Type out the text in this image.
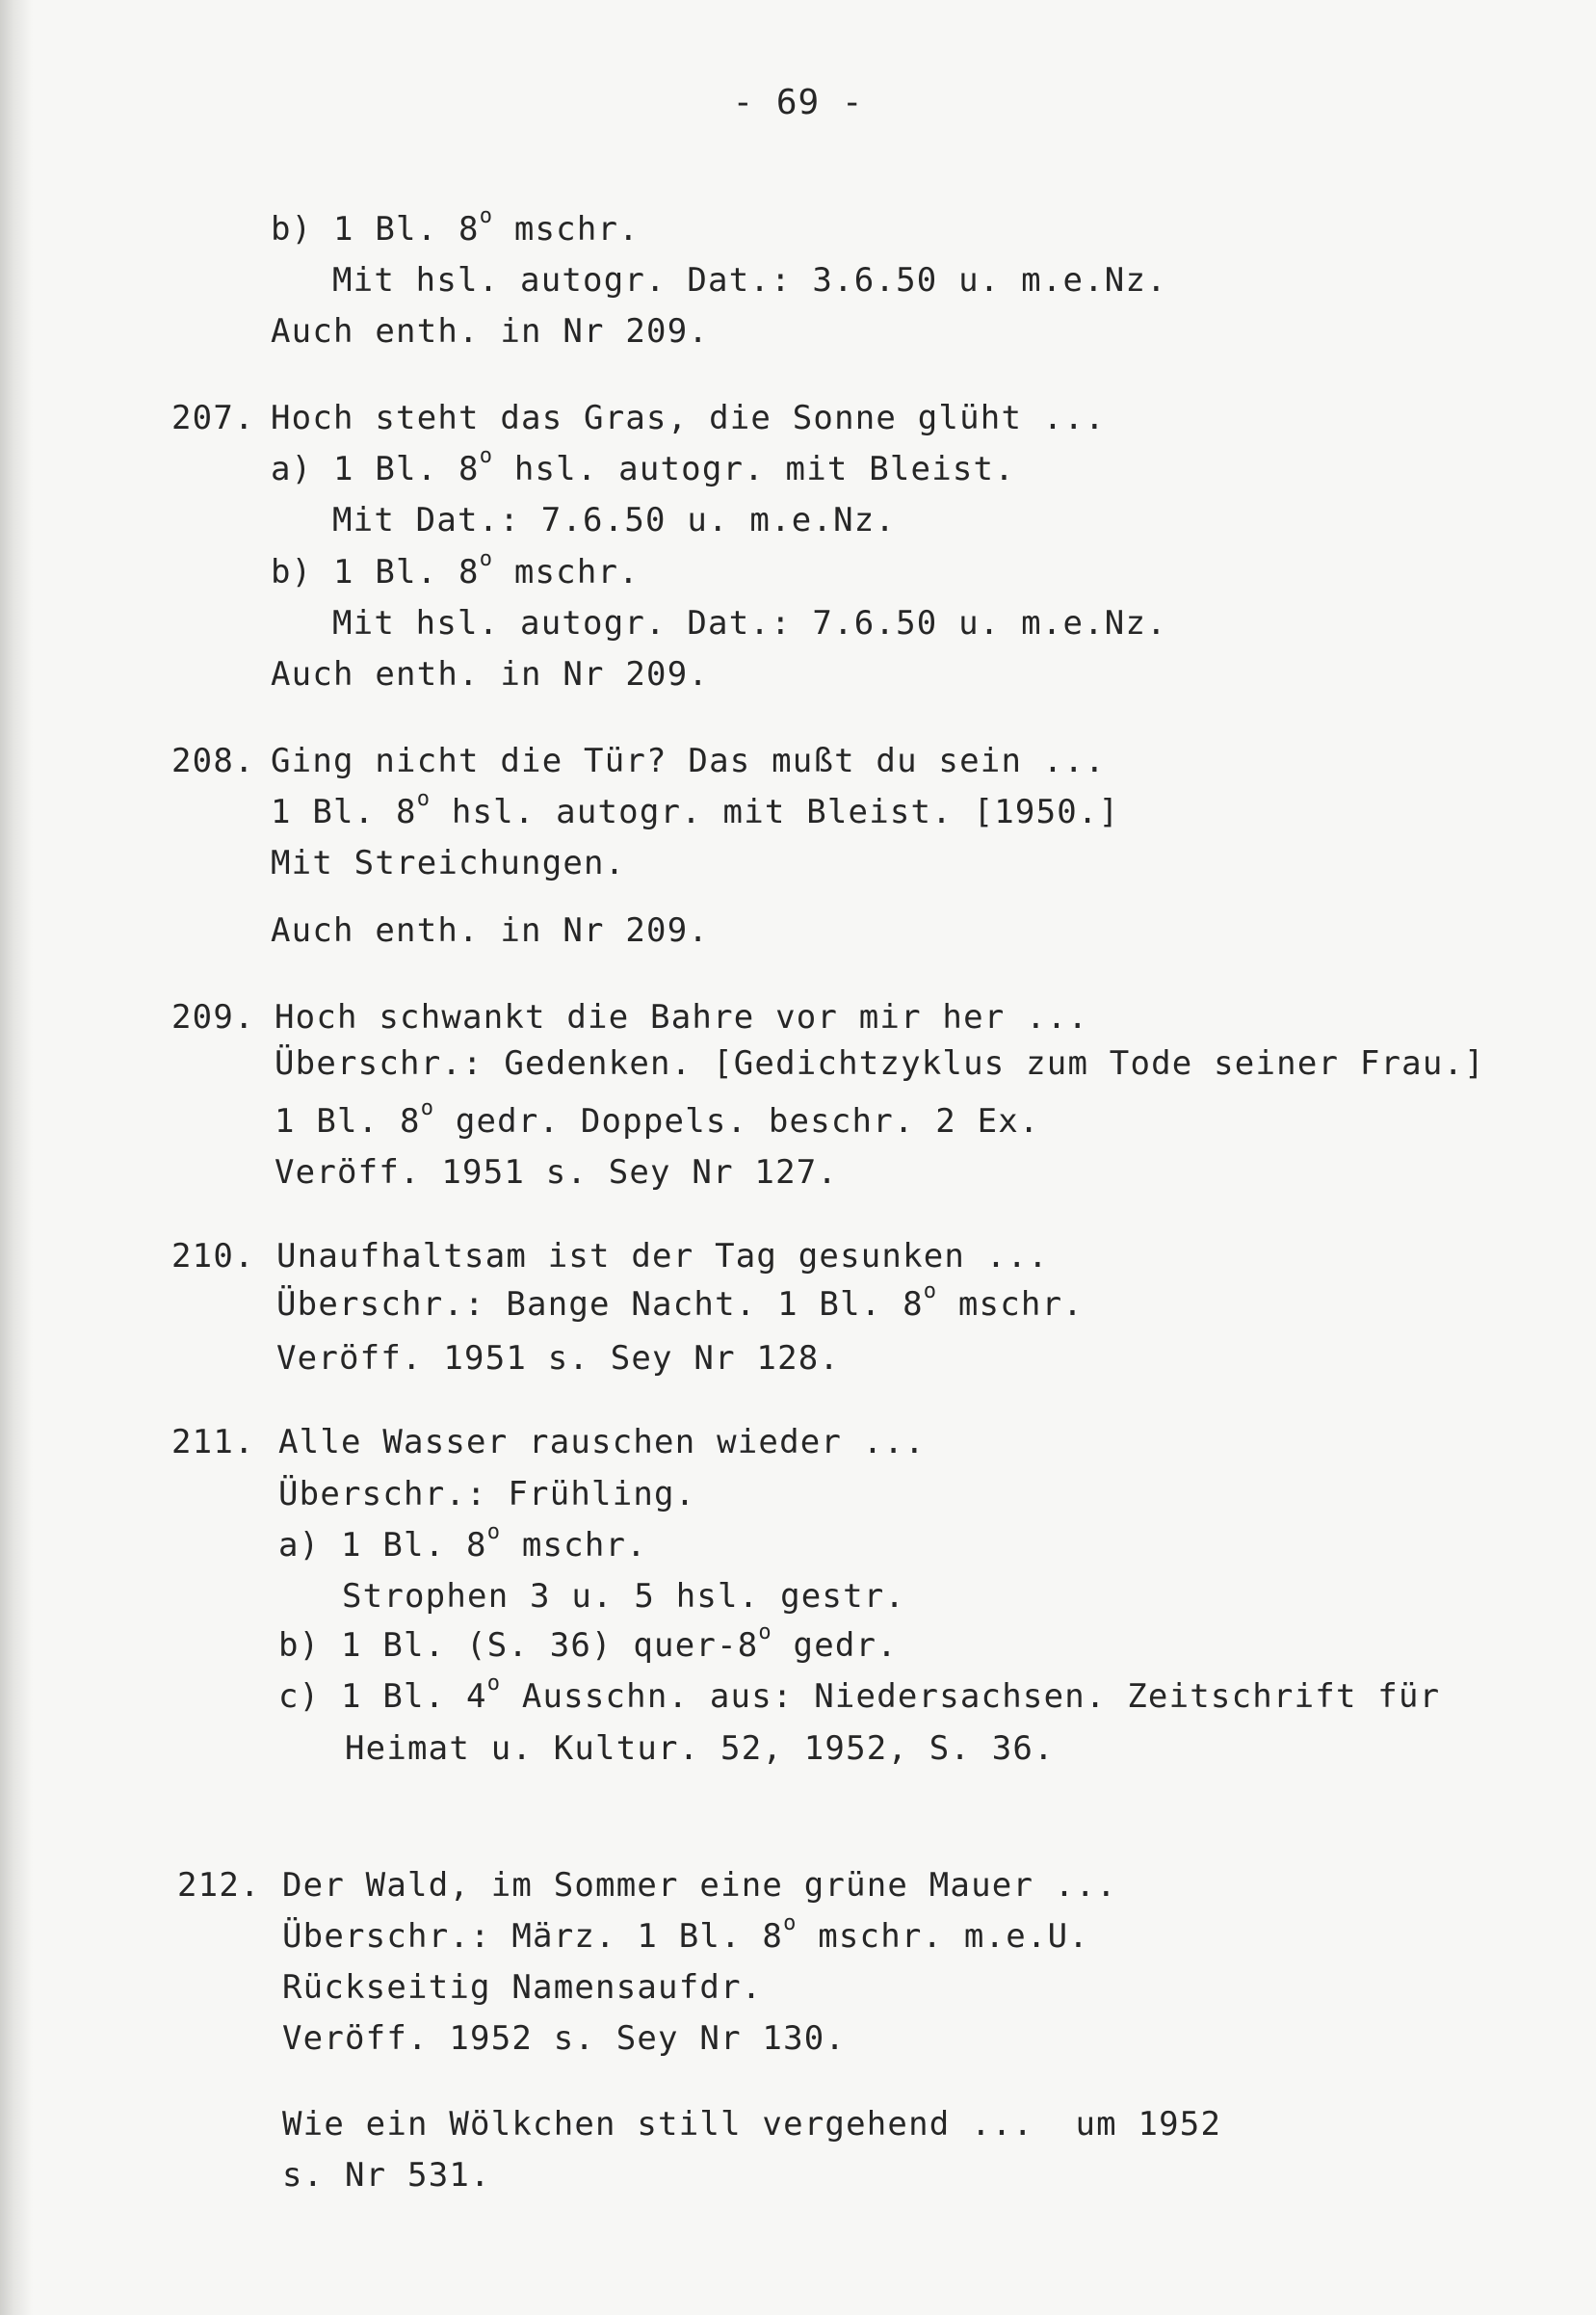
- 69 -
b) 1 Bl. 8$^o$ mschr.
Mit hsl. autogr. Dat.: 3.6.50 u. m.e.Nz.
Auch enth. in Nr 209.
207. Hoch steht das Gras, die Sonne glüht ...
a) 1 Bl. 8$^o$ hsl. autogr. mit Bleist.
Mit Dat.: 7.6.50 u. m.e.Nz.
b) 1 Bl. 8$^o$ mschr.
Mit hsl. autogr. Dat.: 7.6.50 u. m.e.Nz.
Auch enth. in Nr 209.
208. Ging nicht die Tür? Das mußt du sein ...
1 Bl. 8$^o$ hsl. autogr. mit Bleist. [1950.]
Mit Streichungen.
Auch enth. in Nr 209.
209. Hoch schwankt die Bahre vor mir her ...
Überschr.: Gedenken. [Gedichtzyklus zum Tode seiner Frau.]
1 Bl. 8$^o$ gedr. Doppels. beschr. 2 Ex.
Veröff. 1951 s. Sey Nr 127.
210. Unaufhaltsam ist der Tag gesunken ...
Überschr.: Bange Nacht. 1 Bl. 8$^o$ mschr.
Veröff. 1951 s. Sey Nr 128.
211. Alle Wasser rauschen wieder ...
Überschr.: Frühling.
a) 1 Bl. 8$^o$ mschr.
Strophen 3 u. 5 hsl. gestr.
b) 1 Bl. (S. 36) quer-8$^o$ gedr.
c) 1 Bl. 4$^o$ Ausschn. aus: Niedersachsen. Zeitschrift für
Heimat u. Kultur. 52, 1952, S. 36.
212. Der Wald, im Sommer eine grüne Mauer ...
Überschr.: März. 1 Bl. 8$^o$ mschr. m.e.U.
Rückseitig Namensaufdr.
Veröff. 1952 s. Sey Nr 130.
Wie ein Wölkchen still vergehend ...  um 1952
s. Nr 531.
